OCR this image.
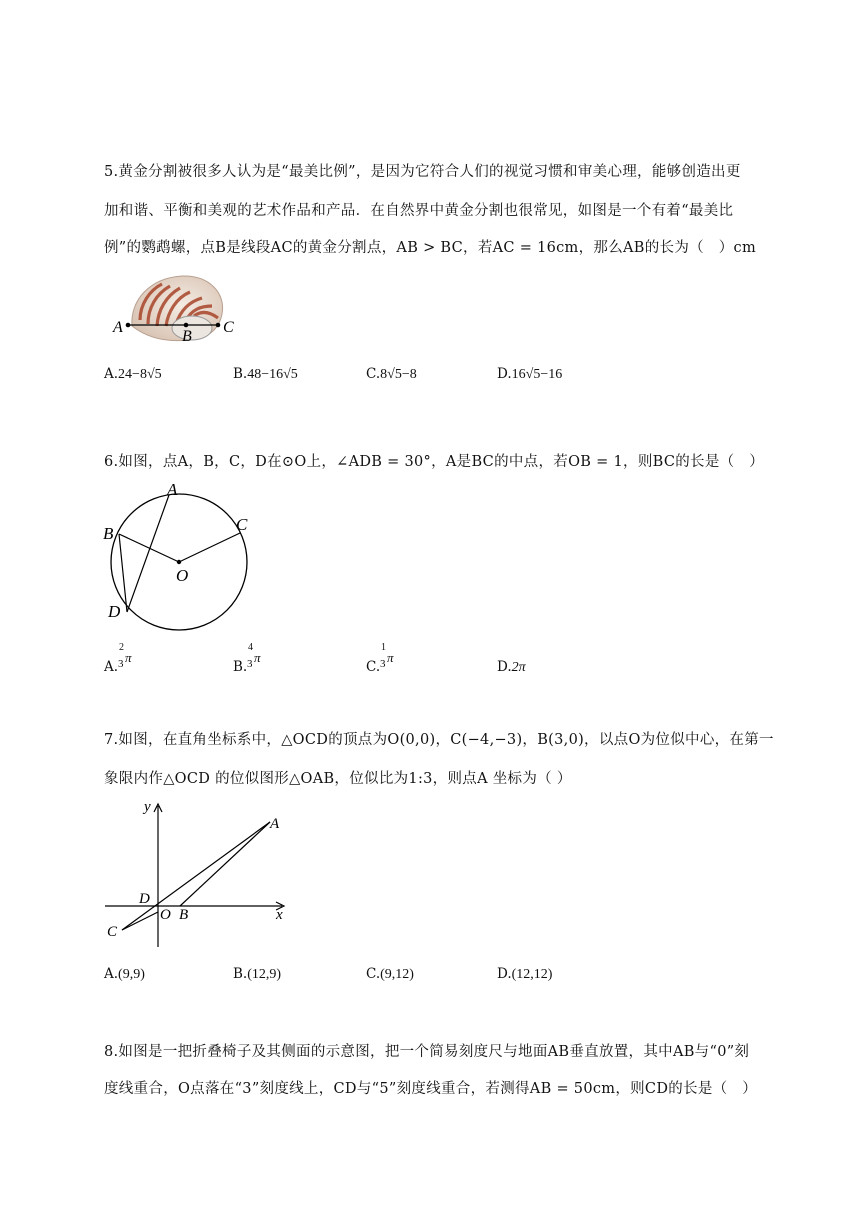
5.黄金分割被很多人认为是“最美比例”，是因为它符合人们的视觉习惯和审美心理，能够创造出更
加和谐、平衡和美观的艺术作品和产品．在自然界中黄金分割也很常见，如图是一个有着“最美比
例”的鹦鹉螺，点B是线段AC的黄金分割点，AB > BC，若AC = 16cm，那么AB的长为（　）cm
A
B
C
A.24−8√5	B.48−16√5	C.8√5−8	D.16√5−16
6.如图，点A，B，C，D在⊙O上，∠ADB = 30°，A是BC的中点，若OB = 1，则BC的长是（　）
A
B	C
D
O
A.
2
3 π
B.
4
3 π
C.
1
3 π
D.2π
7.如图，在直角坐标系中，△OCD的顶点为O(0,0)，C(−4,−3)，B(3,0)，以点O为位似中心，在第一
象限内作△OCD 的位似图形△OAB，位似比为1:3，则点A 坐标为（ ）
y
x
A
D
O B
C
A.(9,9)	B.(12,9)	C.(9,12)	D.(12,12)
8.如图是一把折叠椅子及其侧面的示意图，把一个简易刻度尺与地面AB垂直放置，其中AB与“0”刻
度线重合，O点落在“3”刻度线上，CD与“5”刻度线重合，若测得AB = 50cm，则CD的长是（　）
